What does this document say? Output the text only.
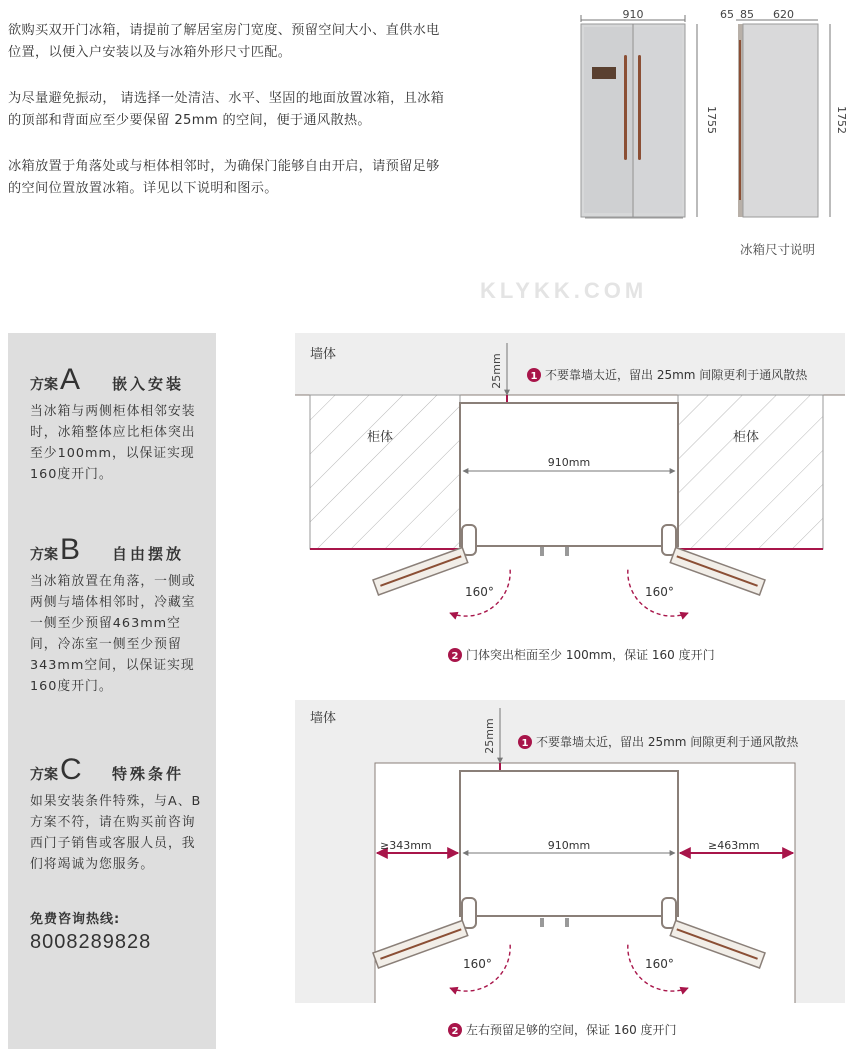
欲购买双开门冰箱，请提前了解居室房门宽度、预留空间大小、直供水电位置，以便入户安装以及与冰箱外形尺寸匹配。

为尽量避免振动， 请选择一处清洁、水平、坚固的地面放置冰箱，且冰箱的顶部和背面应至少要保留 25mm 的空间，便于通风散热。

冰箱放置于角落处或与柜体相邻时，为确保门能够自由开启，请预留足够的空间位置放置冰箱。详见以下说明和图示。

910
1755
65 85 620
1752
冰箱尺寸说明
KLYKK.COM
方案 A	嵌入安装
当冰箱与两侧柜体相邻安装时，冰箱整体应比柜体突出至少100mm，以保证实现160度开门。
方案 B	自由摆放
当冰箱放置在角落，一侧或两侧与墙体相邻时，冷藏室一侧至少预留463mm空间，冷冻室一侧至少预留343mm空间，以保证实现160度开门。
方案 C	特殊条件
如果安装条件特殊，与A、B方案不符，请在购买前咨询西门子销售或客服人员，我们将竭诚为您服务。
免费咨询热线:
8008289828
墙体	25mm	1 不要靠墙太近，留出 25mm 间隙更利于通风散热
柜体	柜体
910mm
160°	160°
2 门体突出柜面至少 100mm，保证 160 度开门
墙体	25mm	1 不要靠墙太近，留出 25mm 间隙更利于通风散热
≥343mm	910mm	≥463mm
160°	160°
2 左右预留足够的空间，保证 160 度开门
